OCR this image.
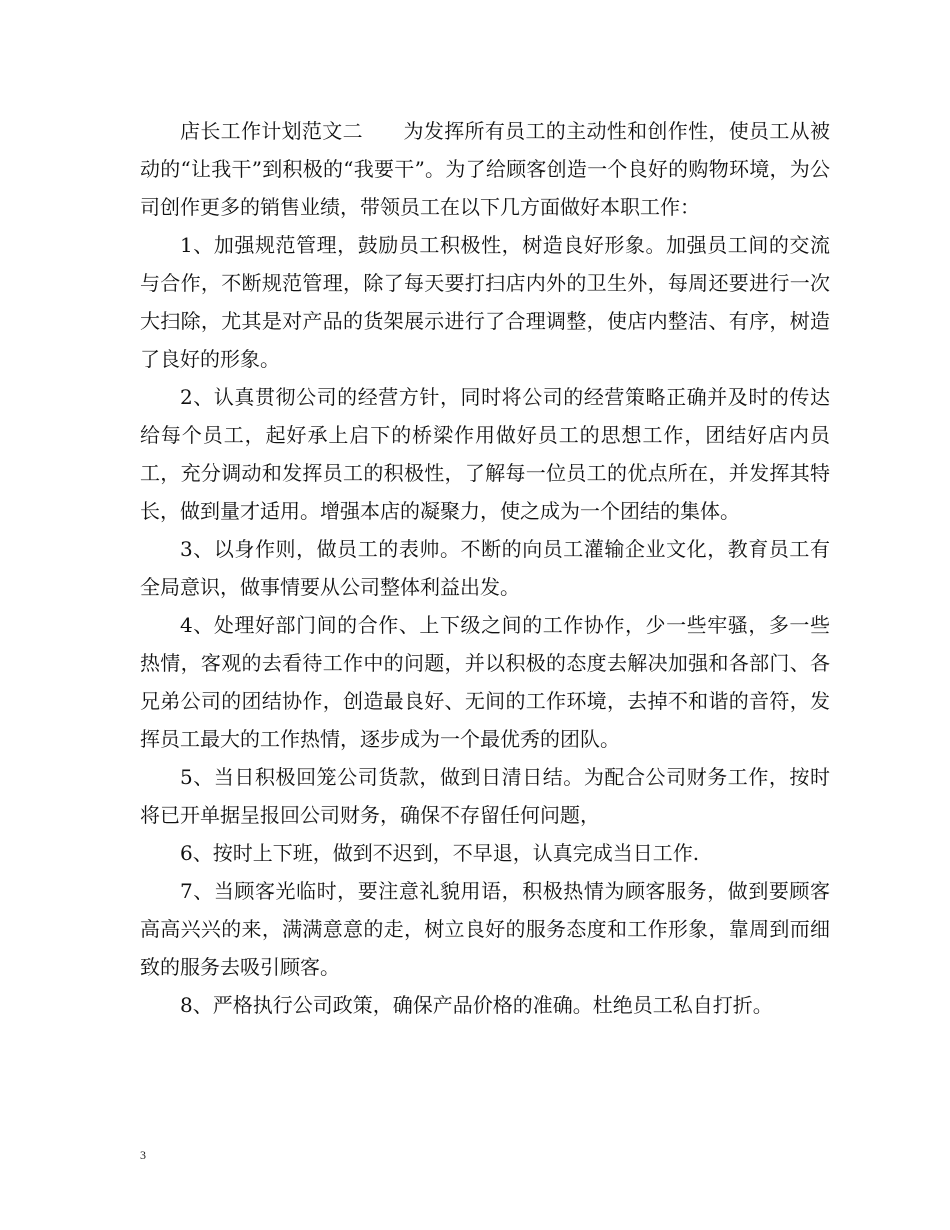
店长工作计划范文二　　为发挥所有员工的主动性和创作性，使员工从被动的“让我干”到积极的“我要干”。为了给顾客创造一个良好的购物环境，为公司创作更多的销售业绩，带领员工在以下几方面做好本职工作：

1、加强规范管理，鼓励员工积极性，树造良好形象。加强员工间的交流与合作，不断规范管理，除了每天要打扫店内外的卫生外，每周还要进行一次大扫除，尤其是对产品的货架展示进行了合理调整，使店内整洁、有序，树造了良好的形象。

2、认真贯彻公司的经营方针，同时将公司的经营策略正确并及时的传达给每个员工，起好承上启下的桥梁作用做好员工的思想工作，团结好店内员工，充分调动和发挥员工的积极性，了解每一位员工的优点所在，并发挥其特长，做到量才适用。增强本店的凝聚力，使之成为一个团结的集体。

3、以身作则，做员工的表帅。不断的向员工灌输企业文化，教育员工有全局意识，做事情要从公司整体利益出发。

4、处理好部门间的合作、上下级之间的工作协作，少一些牢骚，多一些热情，客观的去看待工作中的问题，并以积极的态度去解决加强和各部门、各兄弟公司的团结协作，创造最良好、无间的工作环境，去掉不和谐的音符，发挥员工最大的工作热情，逐步成为一个最优秀的团队。

5、当日积极回笼公司货款，做到日清日结。为配合公司财务工作，按时将已开单据呈报回公司财务，确保不存留任何问题，

6、按时上下班，做到不迟到，不早退，认真完成当日工作.

7、当顾客光临时，要注意礼貌用语，积极热情为顾客服务，做到要顾客高高兴兴的来，满满意意的走，树立良好的服务态度和工作形象，靠周到而细致的服务去吸引顾客。

8、严格执行公司政策，确保产品价格的准确。杜绝员工私自打折。

3
